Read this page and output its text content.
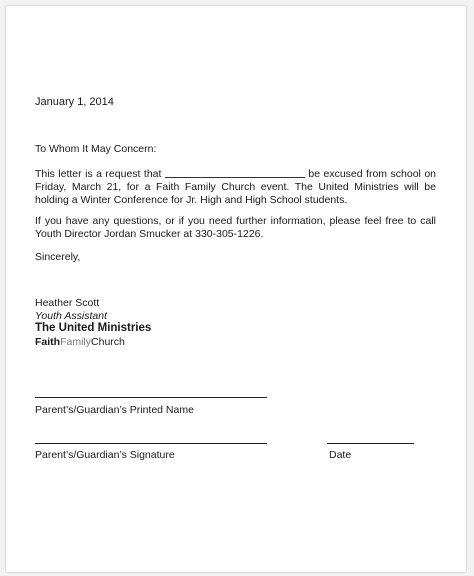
January 1, 2014
To Whom It May Concern:
This letter is a request that	be excused from school on
Friday, March 21, for a Faith Family Church event. The United Ministries will be
holding a Winter Conference for Jr. High and High School students.
If you have any questions, or if you need further information, please feel free to call
Youth Director Jordan Smucker at 330-305-1226.
Sincerely,
Heather Scott
Youth Assistant
The United Ministries
FaithFamilyChurch
Parent’s/Guardian’s Printed Name
Parent’s/Guardian’s Signature	Date
